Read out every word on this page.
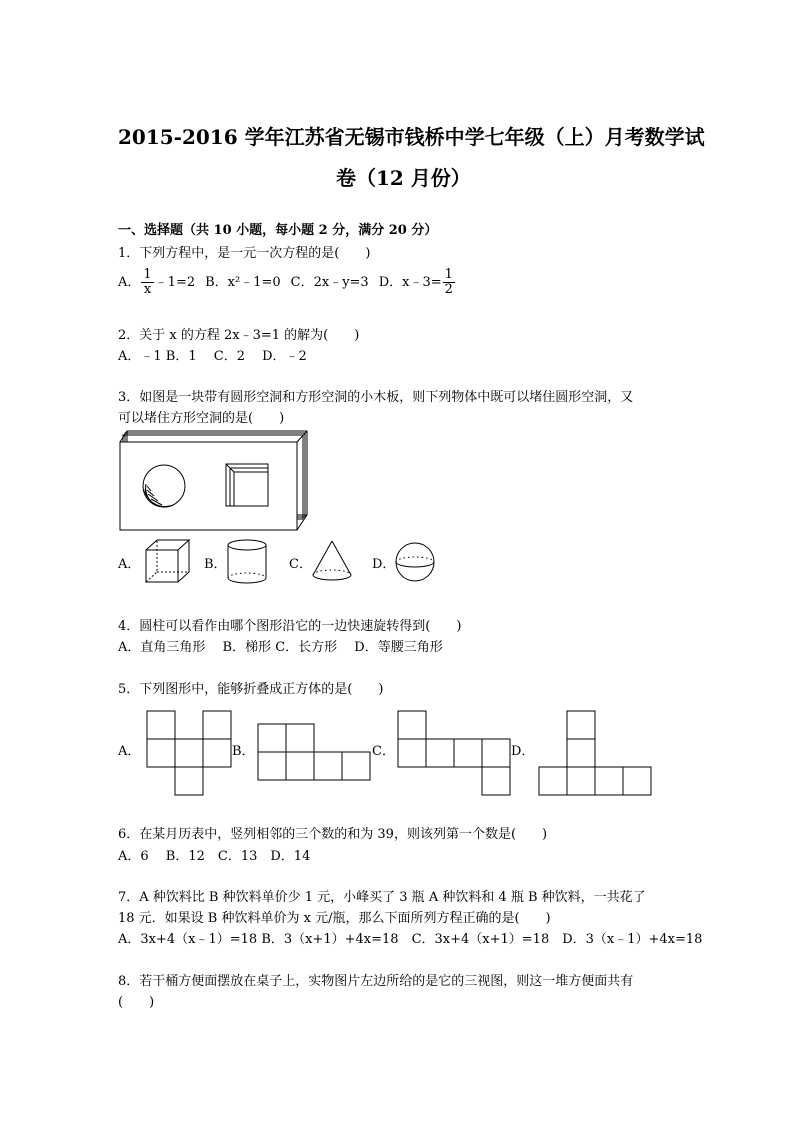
2015-2016 学年江苏省无锡市钱桥中学七年级（上）月考数学试
卷（12 月份）
一、选择题（共 10 小题，每小题 2 分，满分 20 分）
1．下列方程中，是一元一次方程的是(　　)
A． $\frac{1}{x}$ ﹣1=2 B．x²﹣1=0 C．2x﹣y=3 D．x﹣3= $\frac{1}{2}$
2．关于 x 的方程 2x﹣3=1 的解为(　　)
A．﹣1 B．1　 C．2　 D．﹣2
3．如图是一块带有圆形空洞和方形空洞的小木板，则下列物体中既可以堵住圆形空洞，又
可以堵住方形空洞的是(　　)
A．	B．	C．	D．
4．圆柱可以看作由哪个图形沿它的一边快速旋转得到(　　)
A．直角三角形　 B．梯形 C．长方形　 D．等腰三角形
5．下列图形中，能够折叠成正方体的是(　　)
A．	B．	C．	D．
6．在某月历表中，竖列相邻的三个数的和为 39，则该列第一个数是(　　)
A．6　 B．12　C．13　D．14
7．A 种饮料比 B 种饮料单价少 1 元，小峰买了 3 瓶 A 种饮料和 4 瓶 B 种饮料，一共花了
18 元．如果设 B 种饮料单价为 x 元/瓶，那么下面所列方程正确的是(　　)
A．3x+4（x﹣1）=18 B．3（x+1）+4x=18　C．3x+4（x+1）=18　D．3（x﹣1）+4x=18
8．若干桶方便面摆放在桌子上，实物图片左边所给的是它的三视图，则这一堆方便面共有
(　　)
